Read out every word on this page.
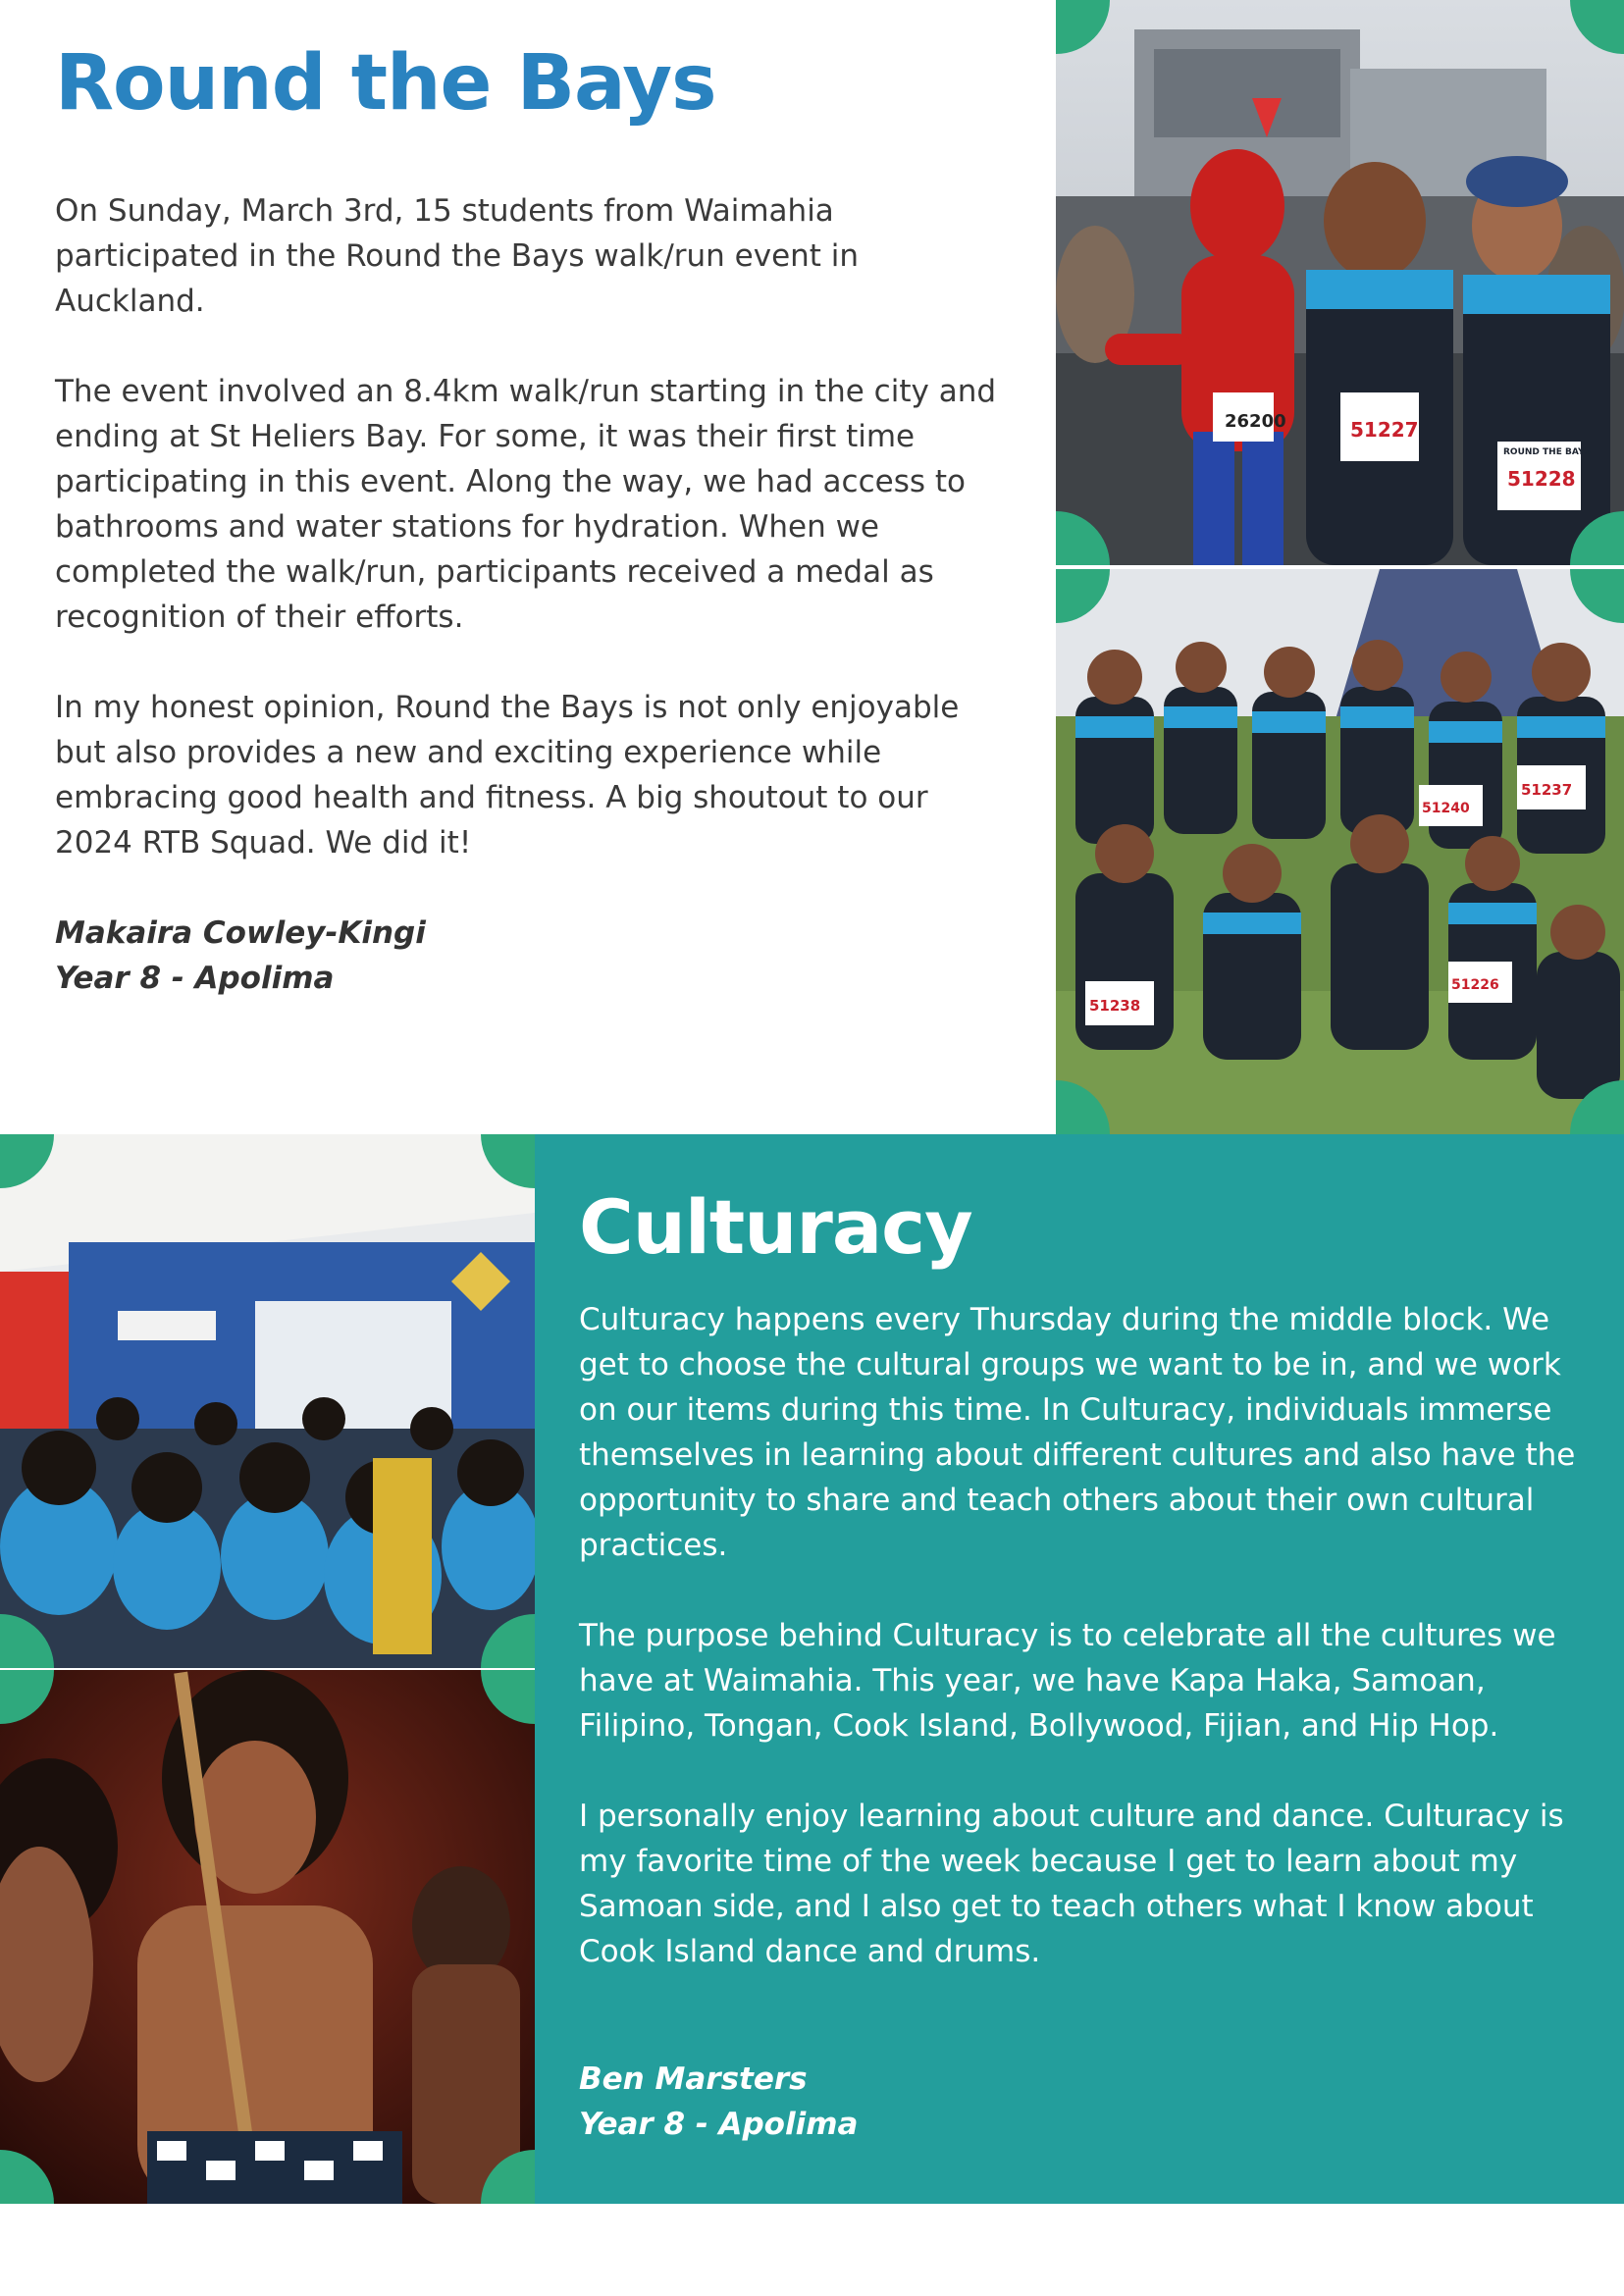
Round the Bays

On Sunday, March 3rd, 15 students from Waimahia participated in the Round the Bays walk/run event in Auckland.

The event involved an 8.4km walk/run starting in the city and ending at St Heliers Bay. For some, it was their first time participating in this event. Along the way, we had access to bathrooms and water stations for hydration. When we completed the walk/run, participants received a medal as recognition of their efforts.

In my honest opinion, Round the Bays is not only enjoyable but also provides a new and exciting experience while embracing good health and fitness. A big shoutout to our 2024 RTB Squad. We did it!

Makaira Cowley-Kingi

Year 8 - Apolima

26200	51227
51228
ROUND THE BAYS
51237
51238
51226
51240
Culturacy

Culturacy happens every Thursday during the middle block. We get to choose the cultural groups we want to be in, and we work on our items during this time. In Culturacy, individuals immerse themselves in learning about different cultures and also have the opportunity to share and teach others about their own cultural practices.

The purpose behind Culturacy is to celebrate all the cultures we have at Waimahia. This year, we have Kapa Haka, Samoan, Filipino, Tongan, Cook Island, Bollywood, Fijian, and Hip Hop.

I personally enjoy learning about culture and dance. Culturacy is my favorite time of the week because I get to learn about my Samoan side, and I also get to teach others what I know about Cook Island dance and drums.

Ben Marsters

Year 8 - Apolima
